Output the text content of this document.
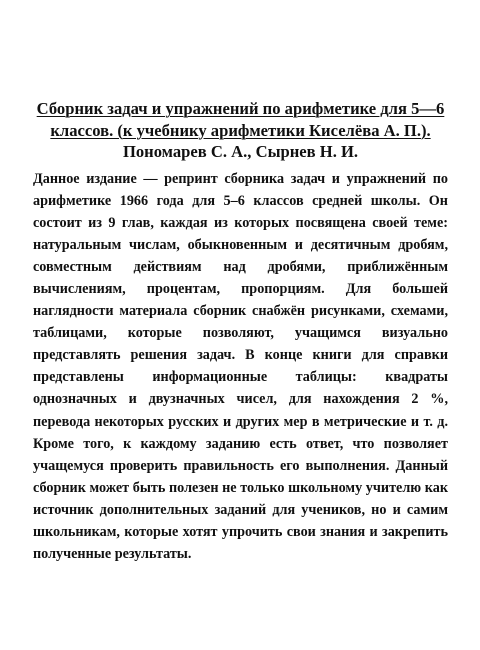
Сборник задач и упражнений по арифметике для 5—6
классов. (к учебнику арифметики Киселёва А. П.).
Пономарев С. А., Сырнев Н. И.
Данное издание — репринт сборника задач и упражнений по
арифметике 1966 года для 5–6 классов средней школы. Он
состоит из 9 глав, каждая из которых посвящена своей теме:
натуральным числам, обыкновенным и десятичным дробям,
совместным действиям над дробями, приближённым
вычислениям, процентам, пропорциям. Для большей
наглядности материала сборник снабжён рисунками, схемами,
таблицами, которые позволяют, учащимся визуально
представлять решения задач. В конце книги для справки
представлены информационные таблицы: квадраты
однозначных и двузначных чисел, для нахождения 2 %,
перевода некоторых русских и других мер в метрические и т. д.
Кроме того, к каждому заданию есть ответ, что позволяет
учащемуся проверить правильность его выполнения. Данный
сборник может быть полезен не только школьному учителю как
источник дополнительных заданий для учеников, но и самим
школьникам, которые хотят упрочить свои знания и закрепить
полученные результаты.
